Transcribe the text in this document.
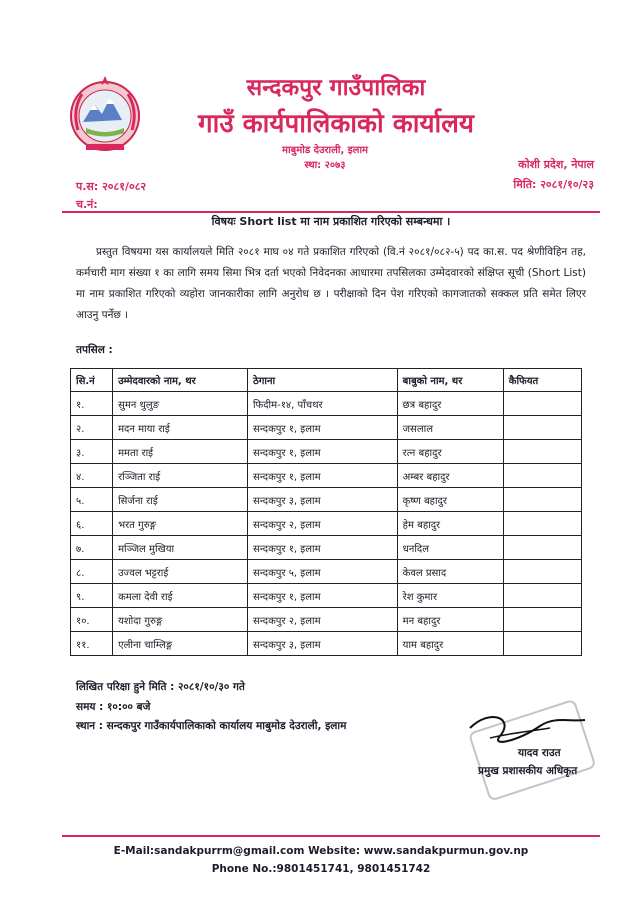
सन्दकपुर गाउँपालिका
गाउँ कार्यपालिकाको कार्यालय
माबुमोड देउराली, इलाम
स्था: २०७३	कोशी प्रदेश, नेपाल
मिति: २०८१/१०/२३
प.स: २०८१/०८२
च.नं:
विषयः Short list मा नाम प्रकाशित गरिएको सम्बन्धमा ।
प्रस्तुत विषयमा यस कार्यालयले मिति २०८१ माघ ०४ गते प्रकाशित गरिएको (वि.नं २०८१/०८२-५) पद का.स. पद श्रेणीविहिन तह, कर्मचारी माग संख्या १ का लागि समय सिमा भित्र दर्ता भएको निवेदनका आधारमा तपसिलका उम्मेदवारको संक्षिप्त सूची (Short List) मा नाम प्रकाशित गरिएको व्यहोरा जानकारीका लागि अनुरोध छ । परीक्षाको दिन पेश गरिएको कागजातको सक्कल प्रति समेत लिएर आउनु पर्नेछ ।
तपसिल :
सि.नं	उम्मेदवारको नाम, थर	ठेगाना	बाबुको नाम, थर	कैफियत
१.	सुमन थुलुङ	फिदीम-१४, पाँचथर	छत्र बहादुर	
२.	मदन माया राई	सन्दकपुर १, इलाम	जसलाल	
३.	ममता राई	सन्दकपुर १, इलाम	रत्न बहादुर	
४.	रञ्जिता राई	सन्दकपुर १, इलाम	अम्बर बहादुर	
५.	सिर्जना राई	सन्दकपुर ३, इलाम	कृष्ण बहादुर	
६.	भरत गुरुङ्ग	सन्दकपुर २, इलाम	हेम बहादुर	
७.	मञ्जिल मुखिया	सन्दकपुर १, इलाम	धनदिल	
८.	उज्वल भट्टराई	सन्दकपुर ५, इलाम	केवल प्रसाद	
९.	कमला देवी राई	सन्दकपुर १, इलाम	रेश कुमार	
१०.	यशोदा गुरुङ्ग	सन्दकपुर २, इलाम	मन बहादुर	
११.	एलीना चाम्लिङ्ग	सन्दकपुर ३, इलाम	याम बहादुर	
लिखित परिक्षा हुने मिति : २०८१/१०/३० गते
समय : १०:०० बजे
स्थान : सन्दकपुर गाउँकार्यपालिकाको कार्यालय माबुमोड देउराली, इलाम
यादव राउत
प्रमुख प्रशासकीय अधिकृत
E-Mail:sandakpurrm@gmail.com Website: www.sandakpurmun.gov.np
Phone No.:9801451741, 9801451742
